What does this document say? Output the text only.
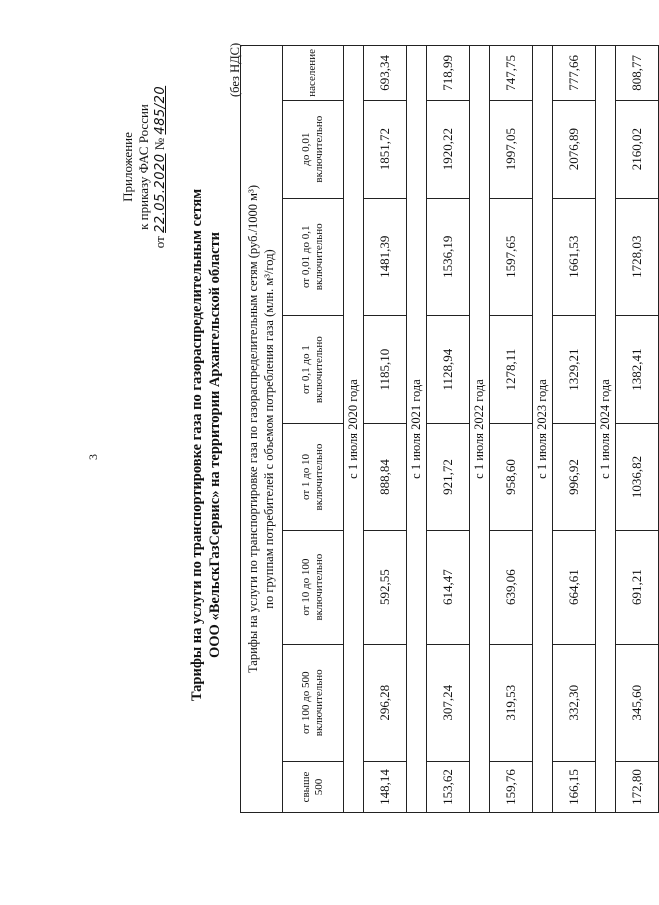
3
Приложение к приказу ФАС России
от 22.05.2020 № 485/20
Тарифы на услуги по транспортировке газа по газораспределительным сетям ООО «ВельскГазСервис» на территории Архангельской области
(без НДС)
Тарифы на услуги по транспортировке газа по газораспределительным сетям (руб./1000 м³) по группам потребителей с объемом потребления газа (млн. м³/год)							

свыше 500	от 100 до 500 включительно	от 10 до 100 включительно	от 1 до 10 включительно	от 0,1 до 1 включительно	от 0,01 до 0,1 включительно	до 0,01 включительно	население
с 1 июля 2020 года							
148,14	296,28	592,55	888,84	1185,10	1481,39	1851,72	693,34
с 1 июля 2021 года							
153,62	307,24	614,47	921,72	1128,94	1536,19	1920,22	718,99
с 1 июля 2022 года							
159,76	319,53	639,06	958,60	1278,11	1597,65	1997,05	747,75
с 1 июля 2023 года							
166,15	332,30	664,61	996,92	1329,21	1661,53	2076,89	777,66
с 1 июля 2024 года							
172,80	345,60	691,21	1036,82	1382,41	1728,03	2160,02	808,77
